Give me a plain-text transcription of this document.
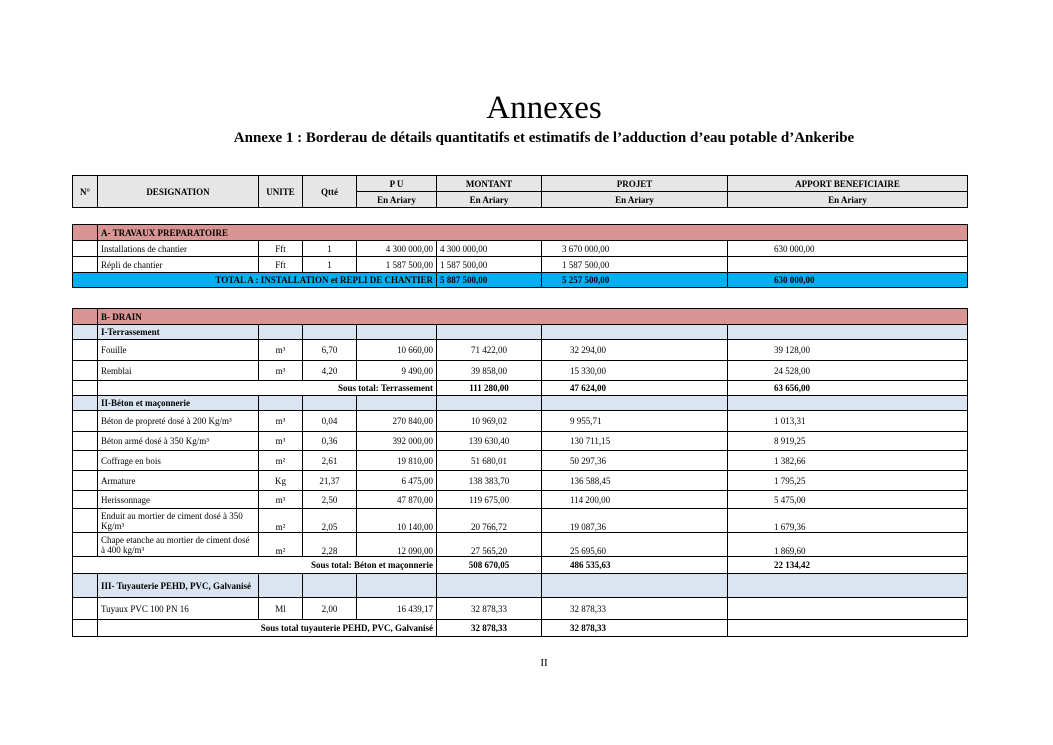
Annexes
Annexe 1 : Borderau de détails quantitatifs et estimatifs de l’adduction d’eau potable d’Ankeribe
N°	DESIGNATION	UNITE	Qtté	P U	MONTANT	PROJET	APPORT BENEFICIAIRE
				En Ariary	En Ariary	En Ariary	En Ariary
	A- TRAVAUX PREPARATOIRE						
	Installations de chantier	Fft	1	4 300 000,00	4 300 000,00	3 670 000,00	630 000,00
	Répli de chantier	Fft	1	1 587 500,00	1 587 500,00	1 587 500,00	
TOTAL A : INSTALLATION et REPLI DE CHANTIER					5 887 500,00	5 257 500,00	630 000,00
	B- DRAIN						
	I-Terrassement						
	Fouille	m³	6,70	10 660,00	71 422,00	32 294,00	39 128,00
	Remblai	m³	4,20	9 490,00	39 858,00	15 330,00	24 528,00
	Sous total: Terrassement				111 280,00	47 624,00	63 656,00
	II-Béton et maçonnerie						
	Béton de propreté dosé à 200 Kg/m³	m³	0,04	270 840,00	10 969,02	9 955,71	1 013,31
	Béton armé dosé à 350 Kg/m³	m³	0,36	392 000,00	139 630,40	130 711,15	8 919,25
	Coffrage en bois	m²	2,61	19 810,00	51 680,01	50 297,36	1 382,66
	Armature	Kg	21,37	6 475,00	138 383,70	136 588,45	1 795,25
	Herissonnage	m³	2,50	47 870,00	119 675,00	114 200,00	5 475,00
	Enduit au mortier de ciment dosé à 350 Kg/m³	m²	2,05	10 140,00	20 766,72	19 087,36	1 679,36
	Chape etanche au mortier de ciment dosé à 400 kg/m³	m²	2,28	12 090,00	27 565,20	25 695,60	1 869,60
Sous total: Béton et maçonnerie					508 670,05	486 535,63	22 134,42
	III- Tuyauterie PEHD, PVC, Galvanisé						
	Tuyaux PVC 100 PN 16	Ml	2,00	16 439,17	32 878,33	32 878,33	
	Sous total tuyauterie PEHD, PVC, Galvanisé				32 878,33	32 878,33	
II
